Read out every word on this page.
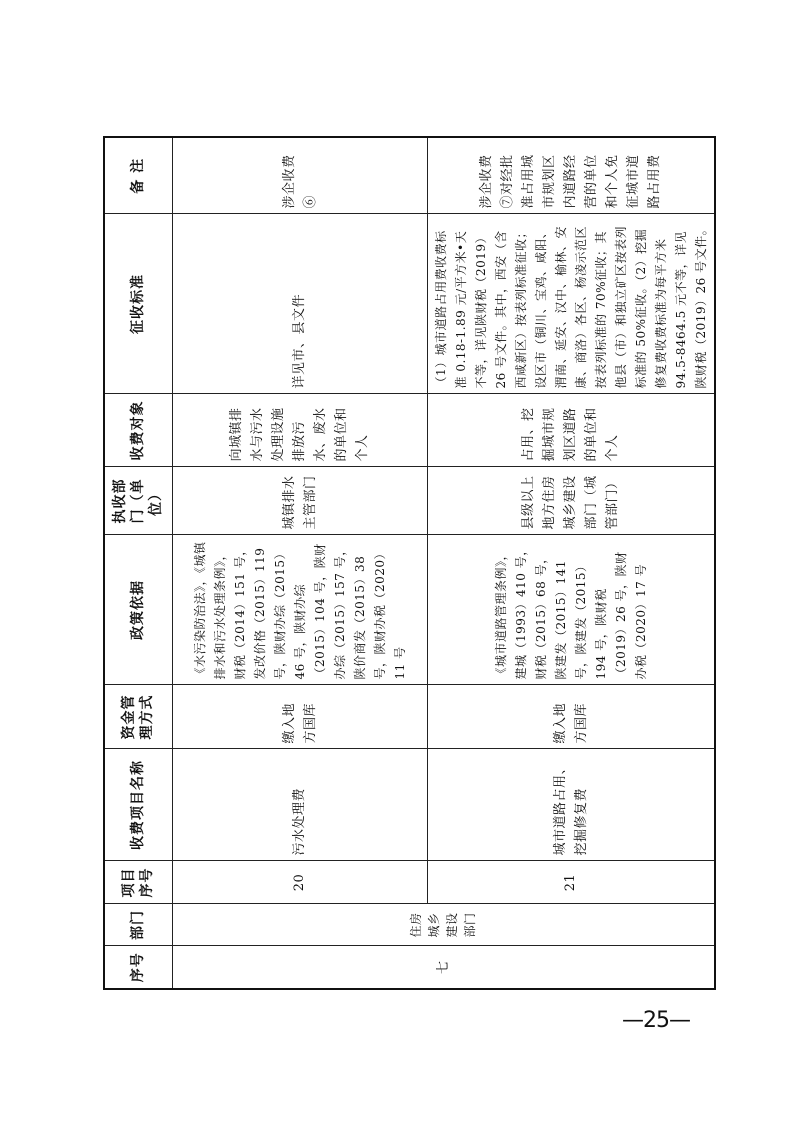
序号	部门	项目序号	收费项目名称	资金管理方式	政策依据	执收部门（单位）	收费对象	征收标准	备 注
七	住房城乡建设部门	20	污水处理费	缴入地方国库	《水污染防治法》，《城镇排水和污水处理条例》，财税（2014）151 号，发改价格（2015）119 号，陕财办综（2015）46 号，陕财办综（2015）104 号，陕财办综（2015）157 号，陕价商发（2015）38 号，陕财办税（2020）11 号	城镇排水主管部门	向城镇排水与污水处理设施排放污水、废水的单位和个人	详见市、县文件	涉企收费⑥
		21	城市道路占用、挖掘修复费	缴入地方国库	《城市道路管理条例》，建城（1993）410 号，财税（2015）68 号，陕建发（2015）141 号，陕建发（2015）194 号，陕财税（2019）26 号，陕财办税（2020）17 号	县级以上地方住房城乡建设部门（城管部门）	占用、挖掘城市规划区道路的单位和个人	（1）城市道路占用费收费标准 0.18-1.89 元/平方米•天不等，详见陕财税（2019）26 号文件。其中，西安（含西咸新区）按表列标准征收；设区市（铜川、宝鸡、咸阳、渭南、延安、汉中、榆林、安康、商洛）各区、杨凌示范区按表列标准的 70%征收；其他县（市）和独立矿区按表列标准的 50%征收。（2）挖掘修复费收费标准为每平方米 94.5-8464.5 元不等，详见陕财税（2019）26 号文件。	涉企收费⑦对经批准占用城市规划区内道路经营的单位和个人免征城市道路占用费
—25—
